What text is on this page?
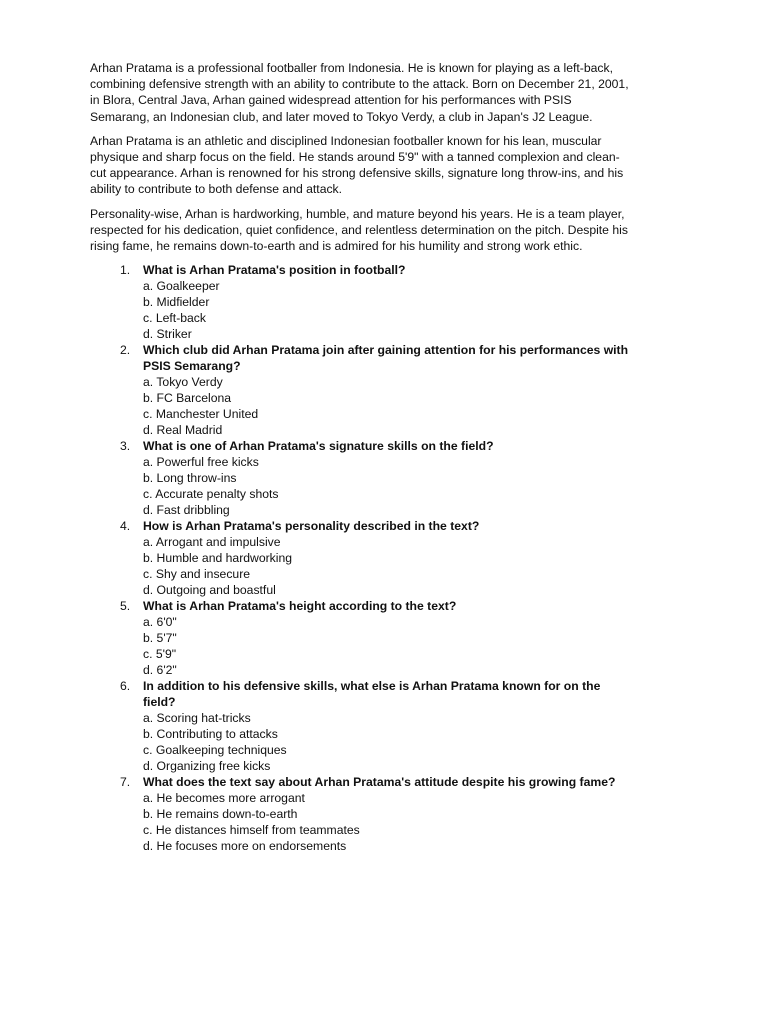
Arhan Pratama is a professional footballer from Indonesia. He is known for playing as a left-back, combining defensive strength with an ability to contribute to the attack. Born on December 21, 2001, in Blora, Central Java, Arhan gained widespread attention for his performances with PSIS Semarang, an Indonesian club, and later moved to Tokyo Verdy, a club in Japan's J2 League.

Arhan Pratama is an athletic and disciplined Indonesian footballer known for his lean, muscular physique and sharp focus on the field. He stands around 5'9" with a tanned complexion and clean-cut appearance. Arhan is renowned for his strong defensive skills, signature long throw-ins, and his ability to contribute to both defense and attack.

Personality-wise, Arhan is hardworking, humble, and mature beyond his years. He is a team player, respected for his dedication, quiet confidence, and relentless determination on the pitch. Despite his rising fame, he remains down-to-earth and is admired for his humility and strong work ethic.

1. What is Arhan Pratama's position in football?

a. Goalkeeper
b. Midfielder
c. Left-back
d. Striker
2. Which club did Arhan Pratama join after gaining attention for his performances with PSIS Semarang?

a. Tokyo Verdy
b. FC Barcelona
c. Manchester United
d. Real Madrid
3. What is one of Arhan Pratama's signature skills on the field?

a. Powerful free kicks
b. Long throw-ins
c. Accurate penalty shots
d. Fast dribbling
4. How is Arhan Pratama's personality described in the text?

a. Arrogant and impulsive
b. Humble and hardworking
c. Shy and insecure
d. Outgoing and boastful
5. What is Arhan Pratama's height according to the text?

a. 6'0"
b. 5'7"
c. 5'9"
d. 6'2"
6. In addition to his defensive skills, what else is Arhan Pratama known for on the field?

a. Scoring hat-tricks
b. Contributing to attacks
c. Goalkeeping techniques
d. Organizing free kicks
7. What does the text say about Arhan Pratama's attitude despite his growing fame?

a. He becomes more arrogant
b. He remains down-to-earth
c. He distances himself from teammates
d. He focuses more on endorsements
